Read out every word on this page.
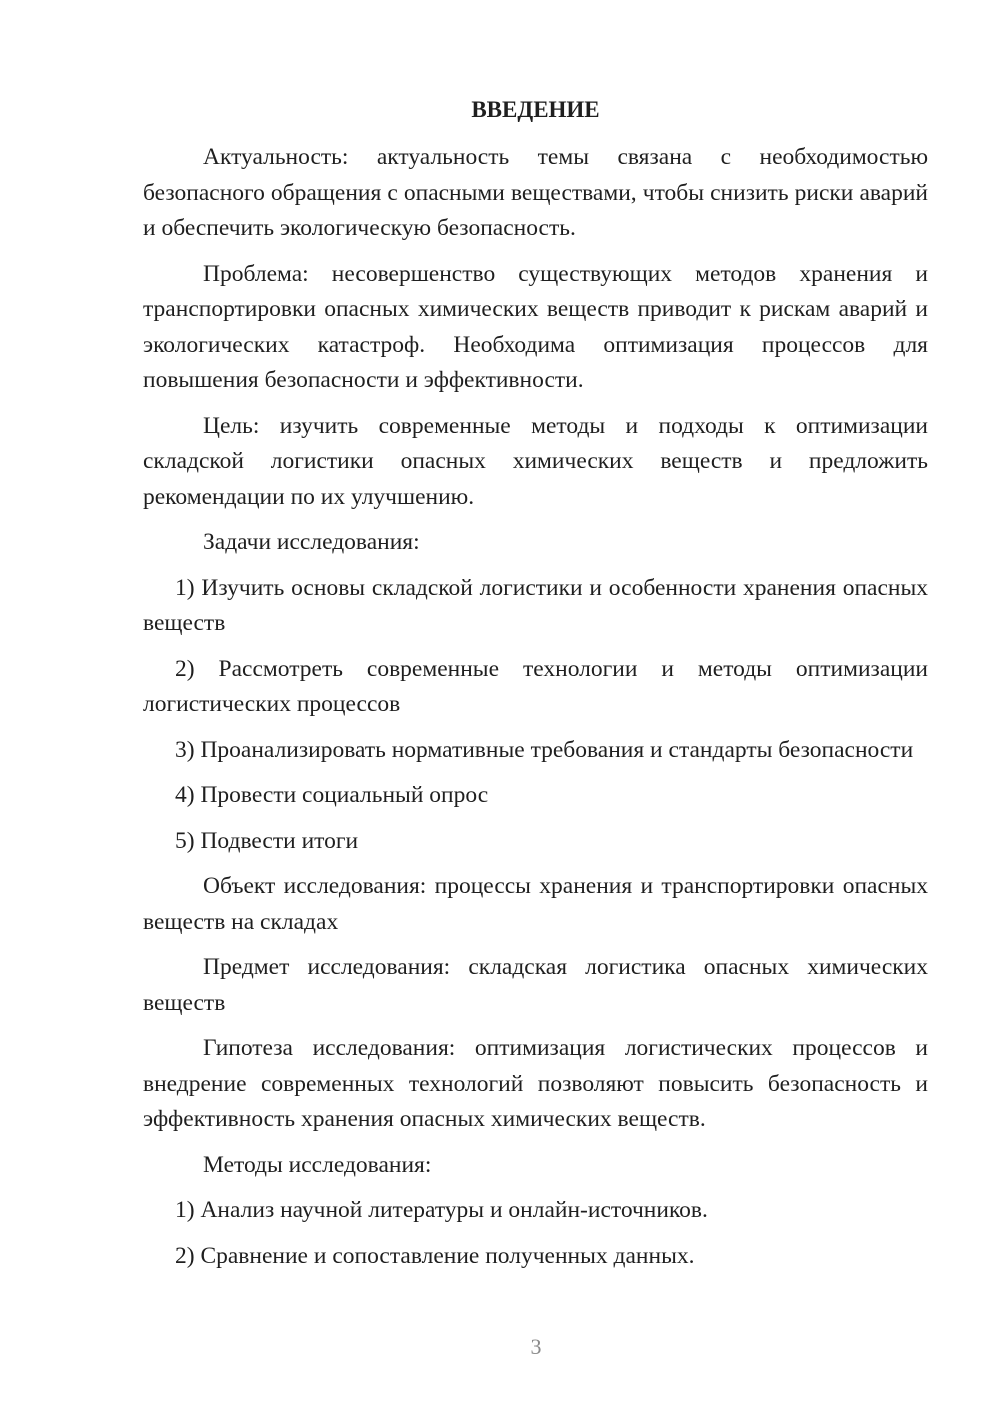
ВВЕДЕНИЕ

Актуальность: актуальность темы связана с необходимостью безопасного обращения с опасными веществами, чтобы снизить риски аварий и обеспечить экологическую безопасность.

Проблема: несовершенство существующих методов хранения и транспортировки опасных химических веществ приводит к рискам аварий и экологических катастроф. Необходима оптимизация процессов для повышения безопасности и эффективности.

Цель: изучить современные методы и подходы к оптимизации складской логистики опасных химических веществ и предложить рекомендации по их улучшению.

Задачи исследования:

1) Изучить основы складской логистики и особенности хранения опасных веществ

2) Рассмотреть современные технологии и методы оптимизации логистических процессов

3) Проанализировать нормативные требования и стандарты безопасности

4) Провести социальный опрос

5) Подвести итоги

Объект исследования: процессы хранения и транспортировки опасных веществ на складах

Предмет исследования: складская логистика опасных химических веществ

Гипотеза исследования: оптимизация логистических процессов и внедрение современных технологий позволяют повысить безопасность и эффективность хранения опасных химических веществ.

Методы исследования:

1) Анализ научной литературы и онлайн-источников.

2) Сравнение и сопоставление полученных данных.

3
